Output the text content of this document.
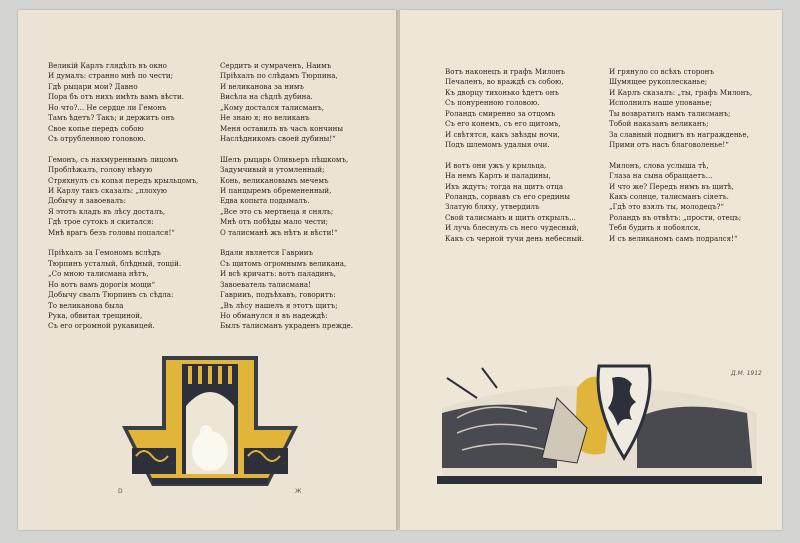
Великій Карлъ глядѣлъ въ окно
И думалъ: странно мнѣ по чести;
Гдѣ рыцари мои? Давно
Пора бъ отъ нихъ имѣть вамъ вѣсти.
Но что?... Не сердце ли Гемонъ
Тамъ ѣдетъ? Такъ; и держитъ онъ
Свое копье передъ собою
Съ отрубленною головою.
Гемонъ, съ нахмуреннымъ лицомъ
Проблѣжалъ, голову нѣмую
Стряхнулъ съ копья передъ крыльцомъ,
И Карлу такъ сказалъ: „плохую
Добычу я завоевалъ:
Я этотъ кладъ въ лѣсу досталъ,
Гдѣ трое сутокъ я скитался:
Мнѣ врагъ безъ головы попался!“
Пріѣхалъ за Гемономъ вслѣдъ
Тюрпинъ усталый, блѣдный, тощій.
„Со мною талисмана нѣтъ,
Но вотъ вамъ дорогія мощи“
Добычу свалъ Тюрпинъ съ сѣдла:
То великанова была
Рука, обвитая трещиной,
Съ его огромной рукавицей.
Сердитъ и сумраченъ, Наимъ
Пріѣхалъ по слѣдамъ Тюрпина,
И великанова за нимъ
Висѣла на сѣдлѣ дубина.
„Кому достался талисманъ,
Не знаю я; но великанъ
Меня оставилъ въ часъ кончины
Наслѣдникомъ своей дубины!“
Шелъ рыцарь Оливьеръ пѣшкомъ,
Задумчивый и утомленный;
Конь, великановымъ мечемъ
И панцыремъ обремененный,
Едва копыта подымалъ.
„Все это съ мертвеца я снялъ;
Мнѣ отъ побѣды мало чести;
О талисманѣ жъ нѣтъ и вѣсти!“
Вдали является Гаврииъ
Съ щитомъ огромнымъ великана,
И всѣ кричатъ: вотъ паладинъ,
Завоеватель талисмана!
Гаврииъ, подъѣхавъ, говоритъ:
„Въ лѣсу нашелъ я этотъ щитъ;
Но обманулся я въ надеждѣ:
Былъ талисманъ украденъ прежде.
Вотъ наконецъ и графъ Милонъ
Печаленъ, во враждѣ съ собою,
Къ дворцу тихонько ѣдетъ онъ
Съ понуренною головою.
Роландъ смиренно за отцомъ
Съ его конемъ, съ его щитомъ,
И свѣтятся, какъ звѣзды ночи,
Подъ шлемомъ удалыя очи.
И вотъ они ужъ у крыльца,
На немъ Карлъ и паладины,
Ихъ ждутъ; тогда на щитъ отца
Роландъ, сорвавъ съ его средины
Златую бляху, утвердилъ
Свой талисманъ и щитъ открылъ...
И лучь блеснулъ съ него чудесный,
Какъ съ черной тучи день небесный.
И грянуло со всѣхъ сторонъ
Шумящее рукоплесканье;
И Карлъ сказалъ: „ты, графъ Милонъ,
Исполнилъ наше упованье;
Ты возвратилъ намъ талисманъ;
Тобой наказанъ великанъ;
За славный подвигъ въ награжденье,
Прими отъ насъ благоволенье!“
Милонъ, слова услыша тѣ,
Глаза на сына обращаетъ...
И что же? Передъ нимъ въ щитѣ,
Какъ солнце, талисманъ сіяетъ.
„Гдѣ это взялъ ты, молодецъ?“
Роландъ въ отвѣтъ: „прости, отецъ;
Тебя будить я побоялся,
И съ великаномъ самъ подрался!“
D	Ж
Д.М. 1912
